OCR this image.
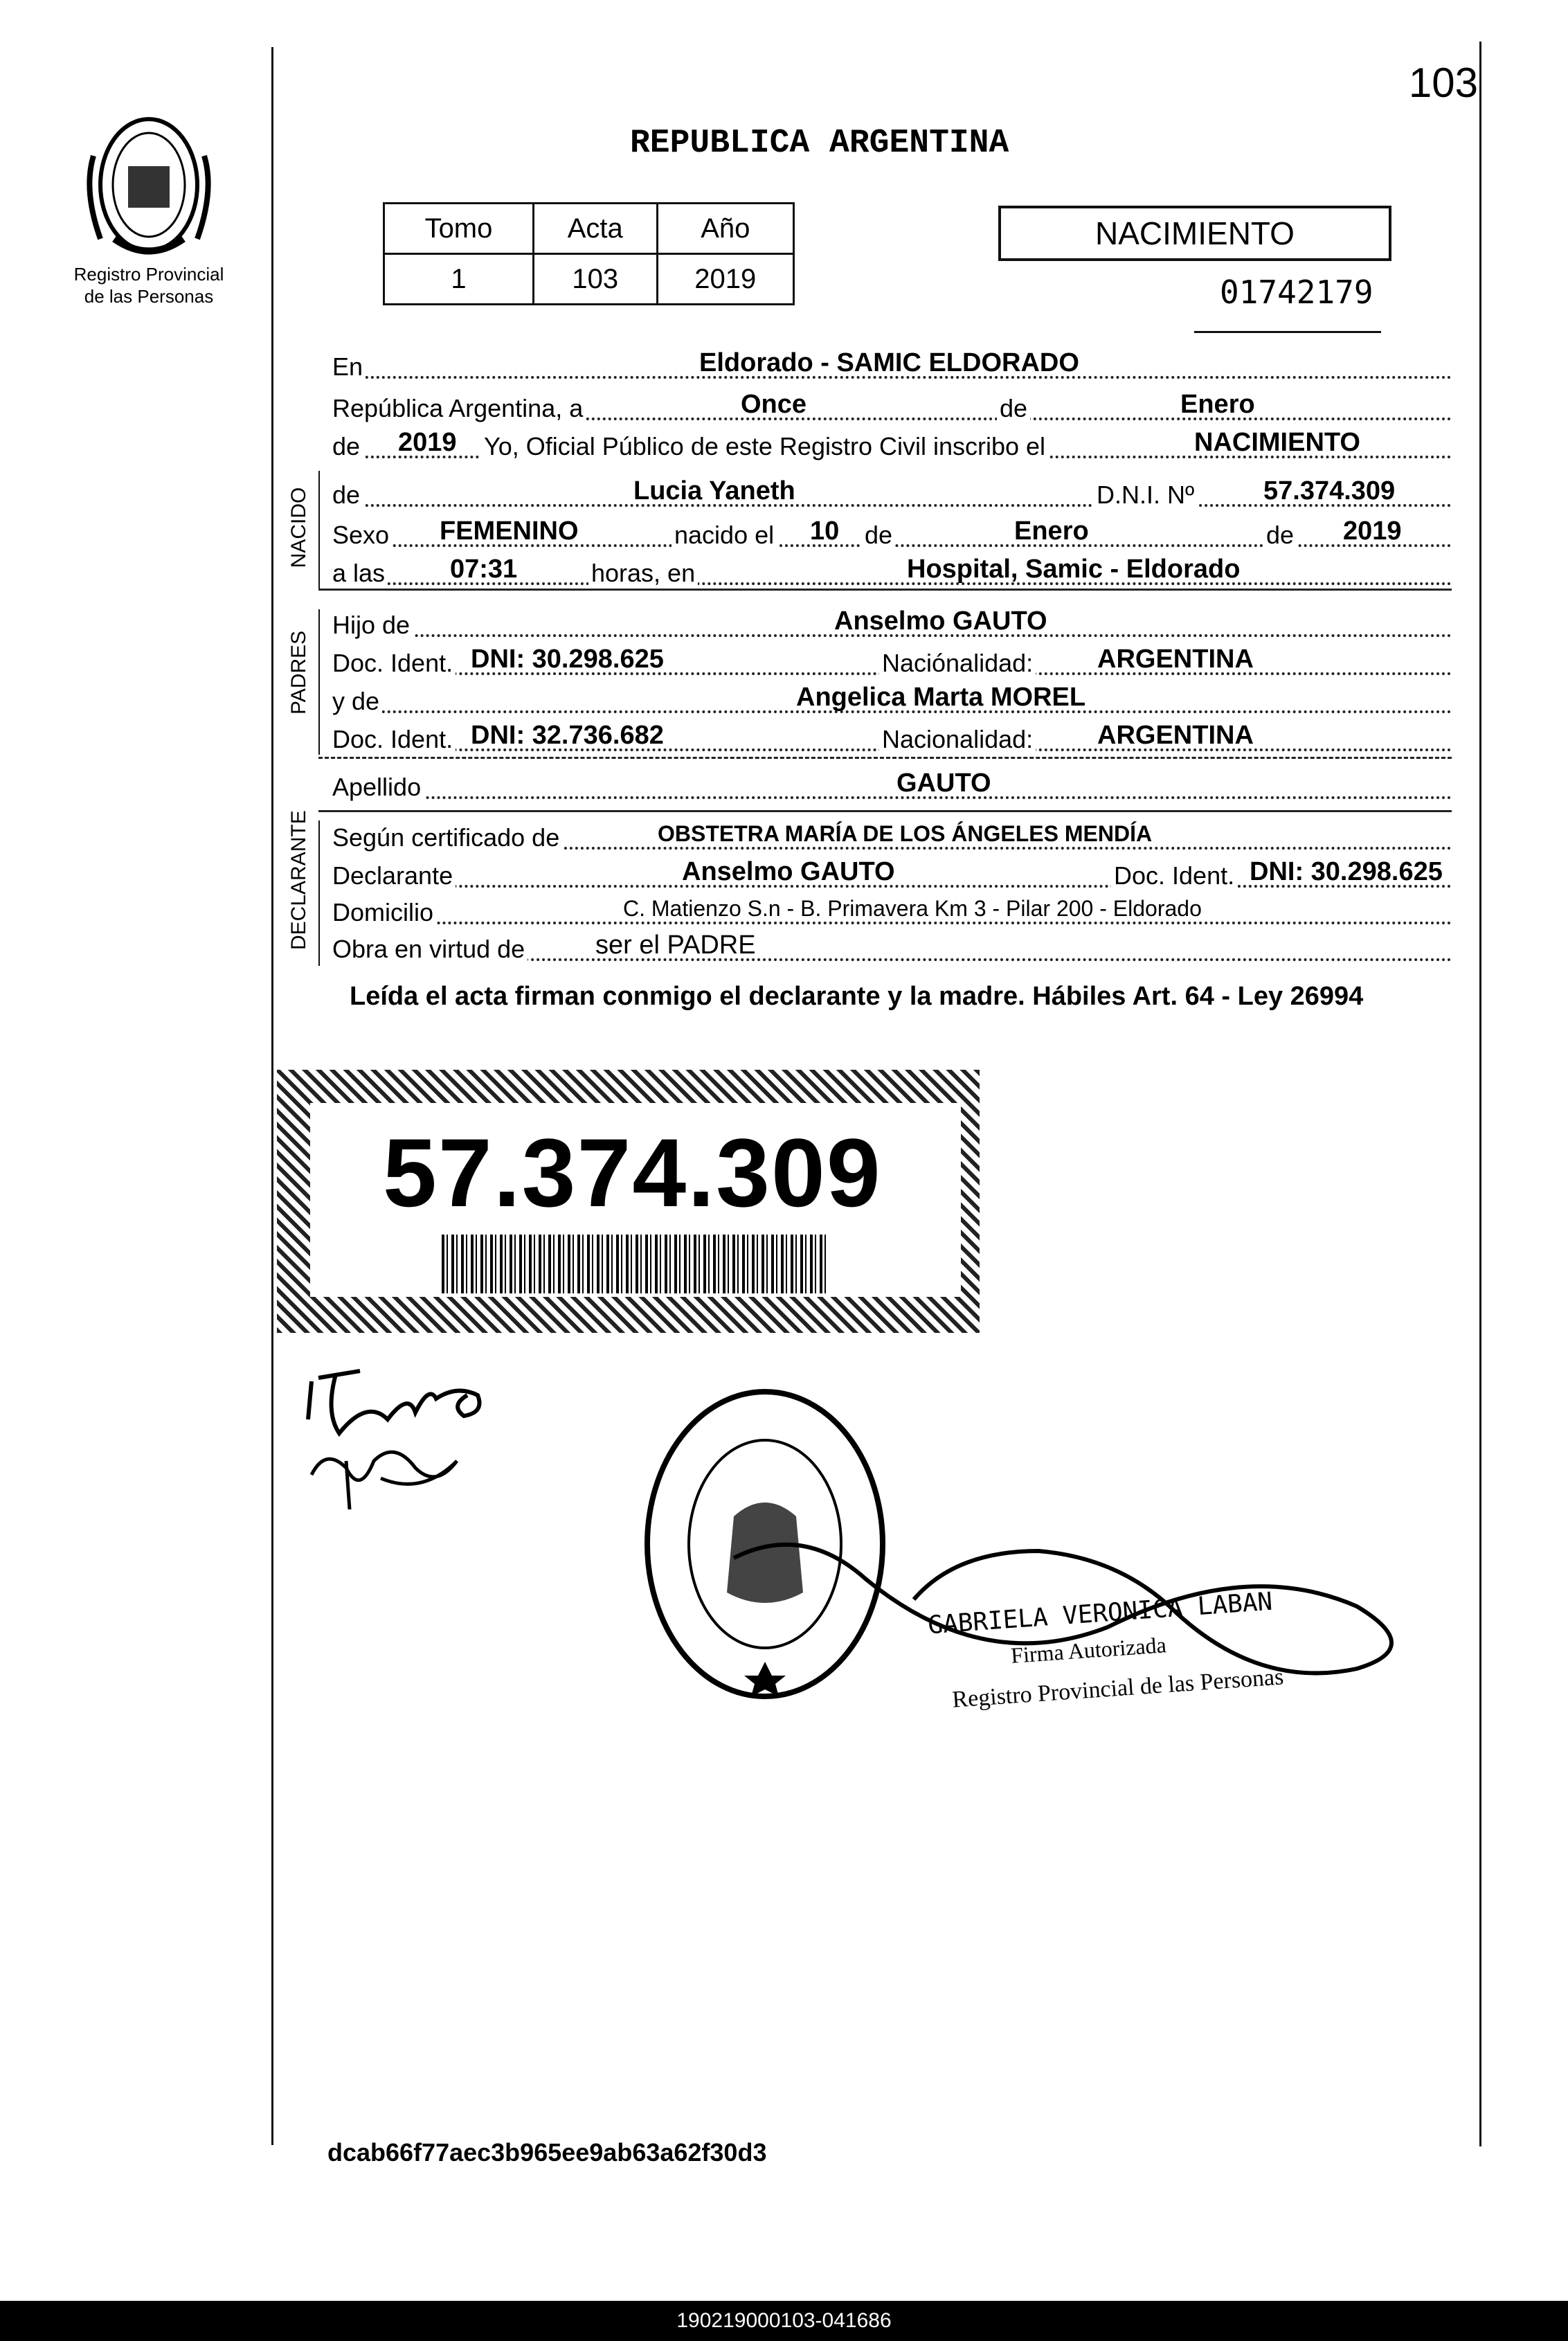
103
Registro Provincial de las Personas
REPUBLICA ARGENTINA
Tomo	Acta	Año
1	103	2019
NACIMIENTO
01742179
En	Eldorado - SAMIC ELDORADO
República Argentina, a	Once	de	Enero
de 2019 Yo, Oficial Público de este Registro Civil inscribo el	NACIMIENTO
NACIDO de	Lucia Yaneth	D.N.I. Nº	57.374.309
Sexo FEMENINO	nacido el 10 de	Enero	de 2019
a las 07:31	horas, en	Hospital, Samic - Eldorado
PADRES
Hijo de	Anselmo GAUTO
Doc. Ident. DNI: 30.298.625	Naciónalidad: ARGENTINA
y de	Angelica Marta MOREL
Doc. Ident. DNI: 32.736.682	Nacionalidad: ARGENTINA
Apellido	GAUTO
DECLARANTE Según certificado de	OBSTETRA MARÍA DE LOS ÁNGELES MENDÍA
Declarante	Anselmo GAUTO	Doc. Ident. DNI: 30.298.625
Domicilio	C. Matienzo S.n - B. Primavera Km 3 - Pilar 200 - Eldorado
Obra en virtud de	ser el PADRE
Leída el acta firman conmigo el declarante y la madre. Hábiles Art. 64 - Ley 26994
57.374.309
GABRIELA VERONICA LABAN
Firma Autorizada
Registro Provincial de las Personas
dcab66f77aec3b965ee9ab63a62f30d3
190219000103-041686
